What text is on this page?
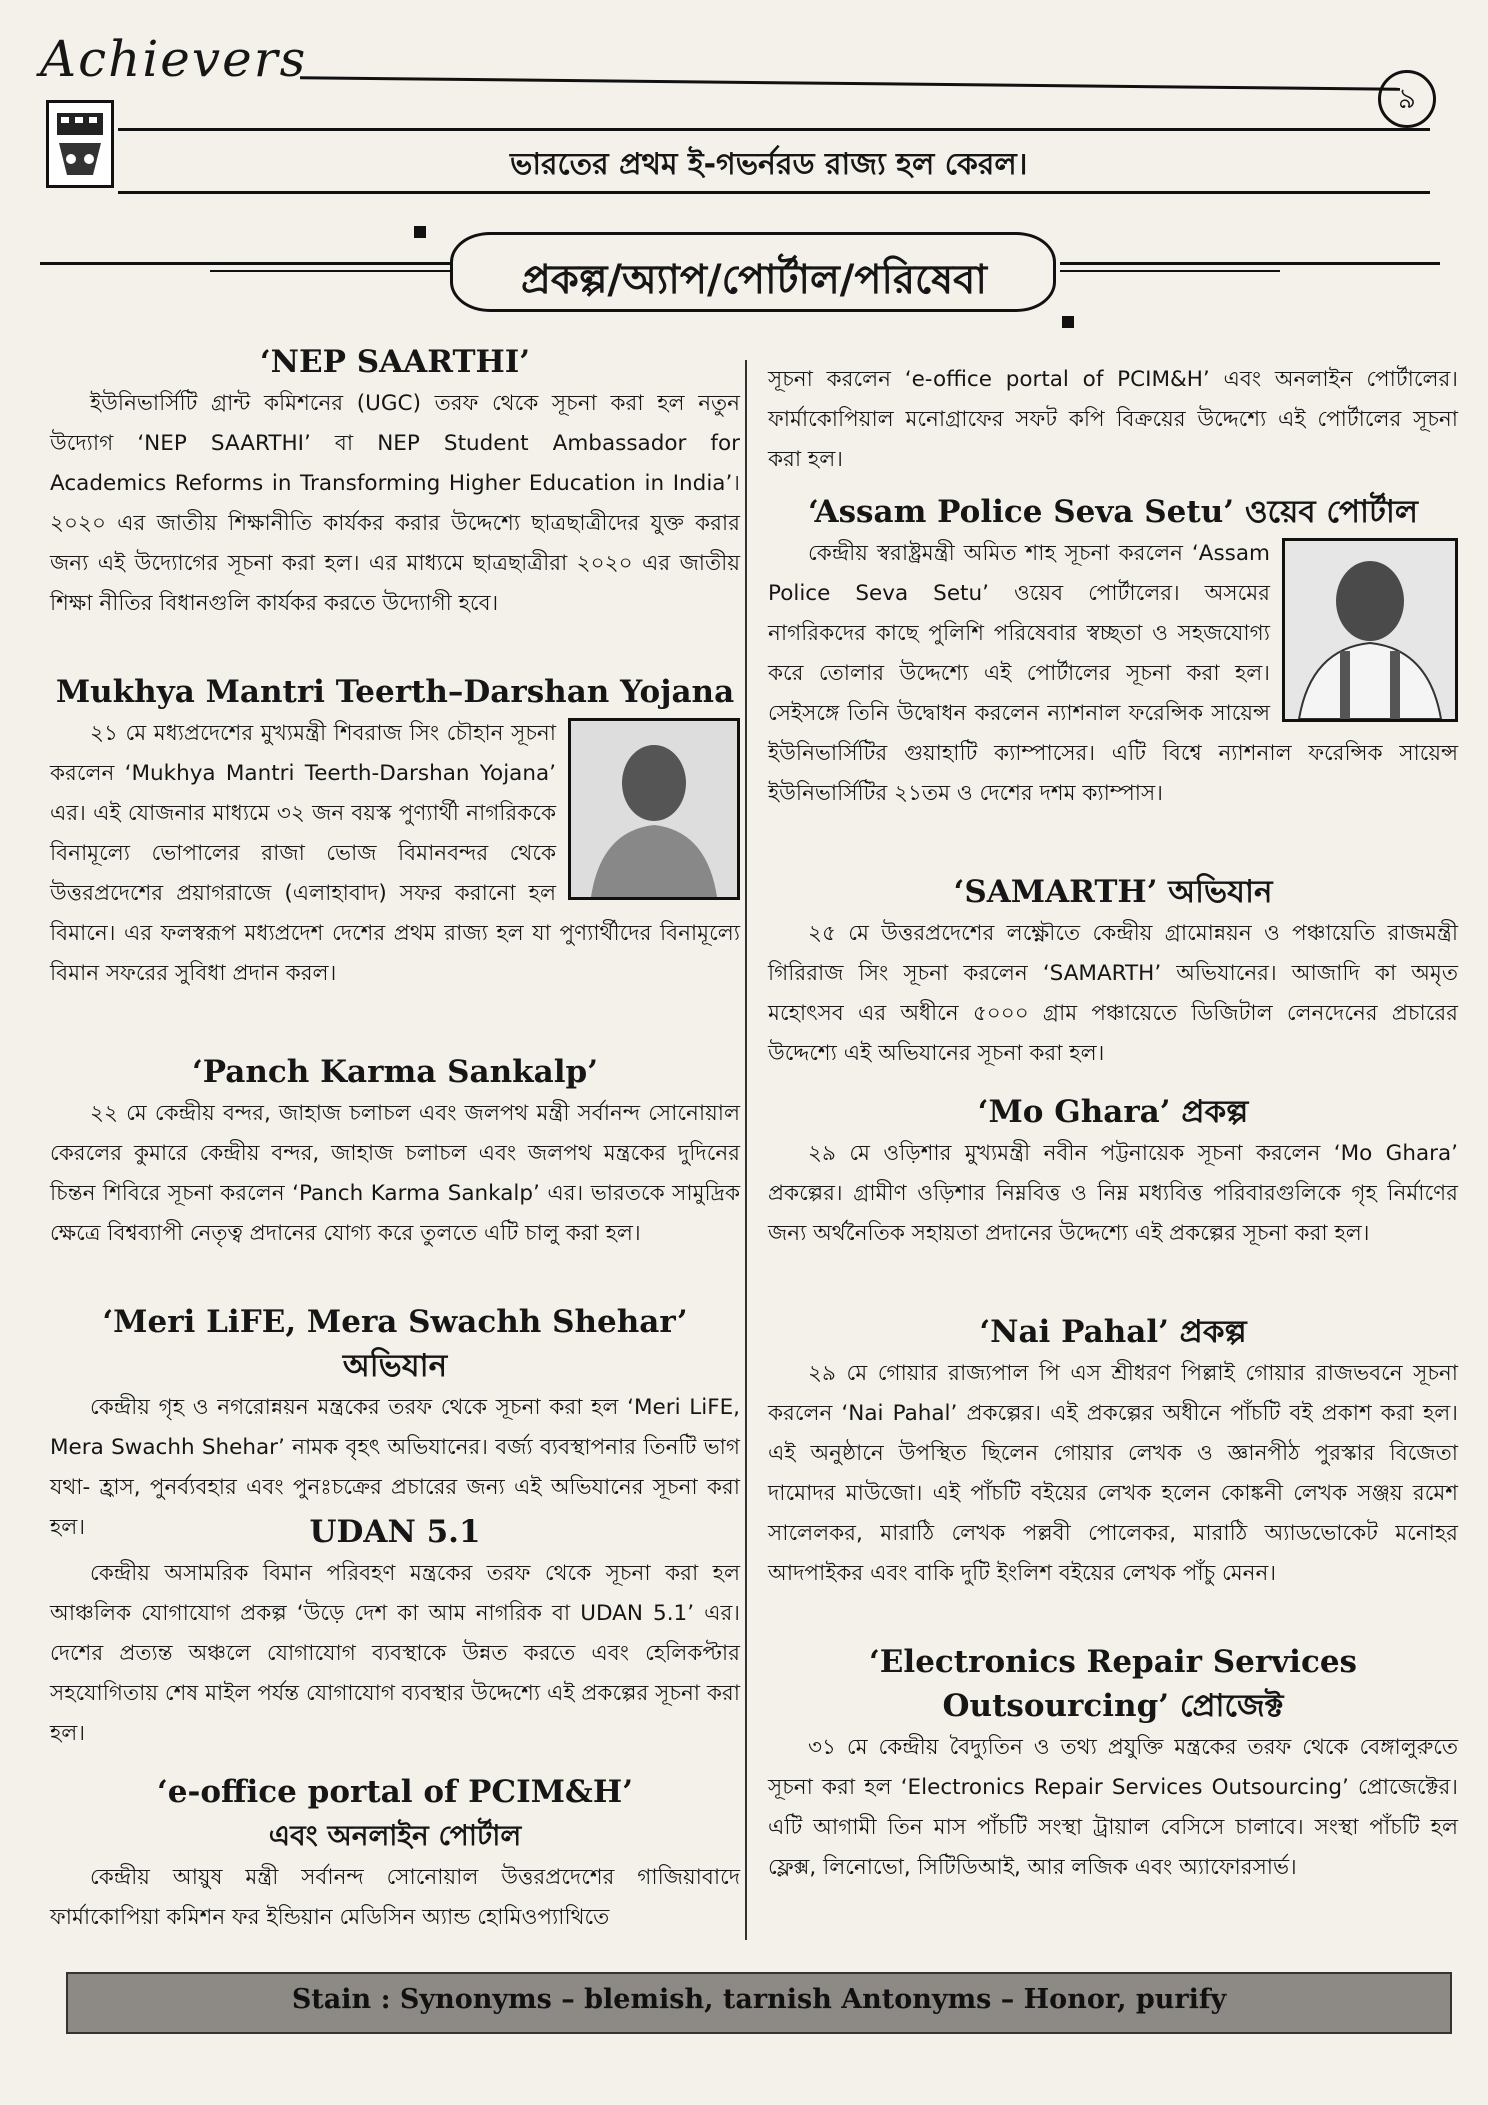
Achievers
৯
ভারতের প্রথম ই-গভর্নরড রাজ্য হল কেরল।
প্রকল্প/অ্যাপ/পোর্টাল/পরিষেবা
‘NEP SAARTHI’

ইউনিভার্সিটি গ্রান্ট কমিশনের (UGC) তরফ থেকে সূচনা করা হল নতুন উদ্যোগ ‘NEP SAARTHI’ বা NEP Student Ambassador for Academics Reforms in Transforming Higher Education in India’। ২০২০ এর জাতীয় শিক্ষানীতি কার্যকর করার উদ্দেশ্যে ছাত্রছাত্রীদের যুক্ত করার জন্য এই উদ্যোগের সূচনা করা হল। এর মাধ্যমে ছাত্রছাত্রীরা ২০২০ এর জাতীয় শিক্ষা নীতির বিধানগুলি কার্যকর করতে উদ্যোগী হবে।

Mukhya Mantri Teerth–Darshan Yojana

২১ মে মধ্যপ্রদেশের মুখ্যমন্ত্রী শিবরাজ সিং চৌহান সূচনা করলেন ‘Mukhya Mantri Teerth-Darshan Yojana’ এর। এই যোজনার মাধ্যমে ৩২ জন বয়স্ক পুণ্যার্থী নাগরিককে বিনামূল্যে ভোপালের রাজা ভোজ বিমানবন্দর থেকে উত্তরপ্রদেশের প্রয়াগরাজে (এলাহাবাদ) সফর করানো হল বিমানে। এর ফলস্বরূপ মধ্যপ্রদেশ দেশের প্রথম রাজ্য হল যা পুণ্যার্থীদের বিনামূল্যে বিমান সফরের সুবিধা প্রদান করল।

‘Panch Karma Sankalp’

২২ মে কেন্দ্রীয় বন্দর, জাহাজ চলাচল এবং জলপথ মন্ত্রী সর্বানন্দ সোনোয়াল কেরলের কুমারে কেন্দ্রীয় বন্দর, জাহাজ চলাচল এবং জলপথ মন্ত্রকের দুদিনের চিন্তন শিবিরে সূচনা করলেন ‘Panch Karma Sankalp’ এর। ভারতকে সামুদ্রিক ক্ষেত্রে বিশ্বব্যাপী নেতৃত্ব প্রদানের যোগ্য করে তুলতে এটি চালু করা হল।

‘Meri LiFE, Mera Swachh Shehar’ অভিযান

কেন্দ্রীয় গৃহ ও নগরোন্নয়ন মন্ত্রকের তরফ থেকে সূচনা করা হল ‘Meri LiFE, Mera Swachh Shehar’ নামক বৃহৎ অভিযানের। বর্জ্য ব্যবস্থাপনার তিনটি ভাগ যথা- হ্রাস, পুনর্ব্যবহার এবং পুনঃচক্রের প্রচারের জন্য এই অভিযানের সূচনা করা হল।	UDAN 5.1

কেন্দ্রীয় অসামরিক বিমান পরিবহণ মন্ত্রকের তরফ থেকে সূচনা করা হল আঞ্চলিক যোগাযোগ প্রকল্প ‘উড়ে দেশ কা আম নাগরিক বা UDAN 5.1’ এর। দেশের প্রত্যন্ত অঞ্চলে যোগাযোগ ব্যবস্থাকে উন্নত করতে এবং হেলিকপ্টার সহযোগিতায় শেষ মাইল পর্যন্ত যোগাযোগ ব্যবস্থার উদ্দেশ্যে এই প্রকল্পের সূচনা করা হল।

‘e-office portal of PCIM&H’
এবং অনলাইন পোর্টাল

কেন্দ্রীয় আয়ুষ মন্ত্রী সর্বানন্দ সোনোয়াল উত্তরপ্রদেশের গাজিয়াবাদে ফার্মাকোপিয়া কমিশন ফর ইন্ডিয়ান মেডিসিন অ্যান্ড হোমিওপ্যাথিতে

সূচনা করলেন ‘e-office portal of PCIM&H’ এবং অনলাইন পোর্টালের। ফার্মাকোপিয়াল মনোগ্রাফের সফট কপি বিক্রয়ের উদ্দেশ্যে এই পোর্টালের সূচনা করা হল।

‘Assam Police Seva Setu’ ওয়েব পোর্টাল

কেন্দ্রীয় স্বরাষ্ট্রমন্ত্রী অমিত শাহ সূচনা করলেন ‘Assam Police Seva Setu’ ওয়েব পোর্টালের। অসমের নাগরিকদের কাছে পুলিশি পরিষেবার স্বচ্ছতা ও সহজযোগ্য করে তোলার উদ্দেশ্যে এই পোর্টালের সূচনা করা হল। সেইসঙ্গে তিনি উদ্বোধন করলেন ন্যাশনাল ফরেন্সিক সায়েন্স ইউনিভার্সিটির গুয়াহাটি ক্যাম্পাসের। এটি বিশ্বে ন্যাশনাল ফরেন্সিক সায়েন্স ইউনিভার্সিটির ২১তম ও দেশের দশম ক্যাম্পাস।

‘SAMARTH’ অভিযান

২৫ মে উত্তরপ্রদেশের লক্ষ্ণৌতে কেন্দ্রীয় গ্রামোন্নয়ন ও পঞ্চায়েতি রাজমন্ত্রী গিরিরাজ সিং সূচনা করলেন ‘SAMARTH’ অভিযানের। আজাদি কা অমৃত মহোৎসব এর অধীনে ৫০০০ গ্রাম পঞ্চায়েতে ডিজিটাল লেনদেনের প্রচারের উদ্দেশ্যে এই অভিযানের সূচনা করা হল।

‘Mo Ghara’ প্রকল্প

২৯ মে ওড়িশার মুখ্যমন্ত্রী নবীন পট্টনায়েক সূচনা করলেন ‘Mo Ghara’ প্রকল্পের। গ্রামীণ ওড়িশার নিম্নবিত্ত ও নিম্ন মধ্যবিত্ত পরিবারগুলিকে গৃহ নির্মাণের জন্য অর্থনৈতিক সহায়তা প্রদানের উদ্দেশ্যে এই প্রকল্পের সূচনা করা হল।

‘Nai Pahal’ প্রকল্প

২৯ মে গোয়ার রাজ্যপাল পি এস শ্রীধরণ পিল্লাই গোয়ার রাজভবনে সূচনা করলেন ‘Nai Pahal’ প্রকল্পের। এই প্রকল্পের অধীনে পাঁচটি বই প্রকাশ করা হল। এই অনুষ্ঠানে উপস্থিত ছিলেন গোয়ার লেখক ও জ্ঞানপীঠ পুরস্কার বিজেতা দামোদর মাউজো। এই পাঁচটি বইয়ের লেখক হলেন কোঙ্কনী লেখক সঞ্জয় রমেশ সালেলকর, মারাঠি লেখক পল্লবী পোলেকর, মারাঠি অ্যাডভোকেট মনোহর আদপাইকর এবং বাকি দুটি ইংলিশ বইয়ের লেখক পাঁচু মেনন।

‘Electronics Repair Services
Outsourcing’ প্রোজেক্ট

৩১ মে কেন্দ্রীয় বৈদ্যুতিন ও তথ্য প্রযুক্তি মন্ত্রকের তরফ থেকে বেঙ্গালুরুতে সূচনা করা হল ‘Electronics Repair Services Outsourcing’ প্রোজেক্টের। এটি আগামী তিন মাস পাঁচটি সংস্থা ট্রায়াল বেসিসে চালাবে। সংস্থা পাঁচটি হল ফ্লেক্স, লিনোভো, সিটিডিআই, আর লজিক এবং অ্যাফোরসার্ভ।

Stain : Synonyms – blemish, tarnish Antonyms – Honor, purify
